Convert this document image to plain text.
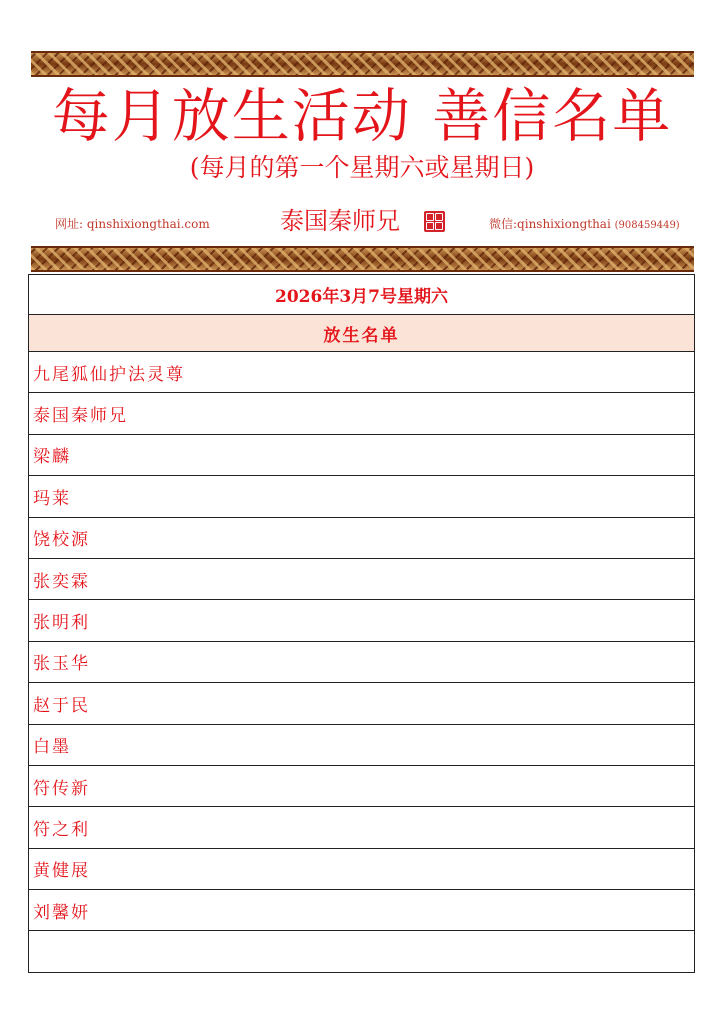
每月放生活动 善信名单
(每月的第一个星期六或星期日)
网址: qinshixiongthai.com	泰国秦师兄	微信:qinshixiongthai (908459449)
2026年3月7号星期六
放生名单
九尾狐仙护法灵尊
泰国秦师兄
梁麟
玛莱
饶校源
张奕霖
张明利
张玉华
赵于民
白墨
符传新
符之利
黄健展
刘馨妍
